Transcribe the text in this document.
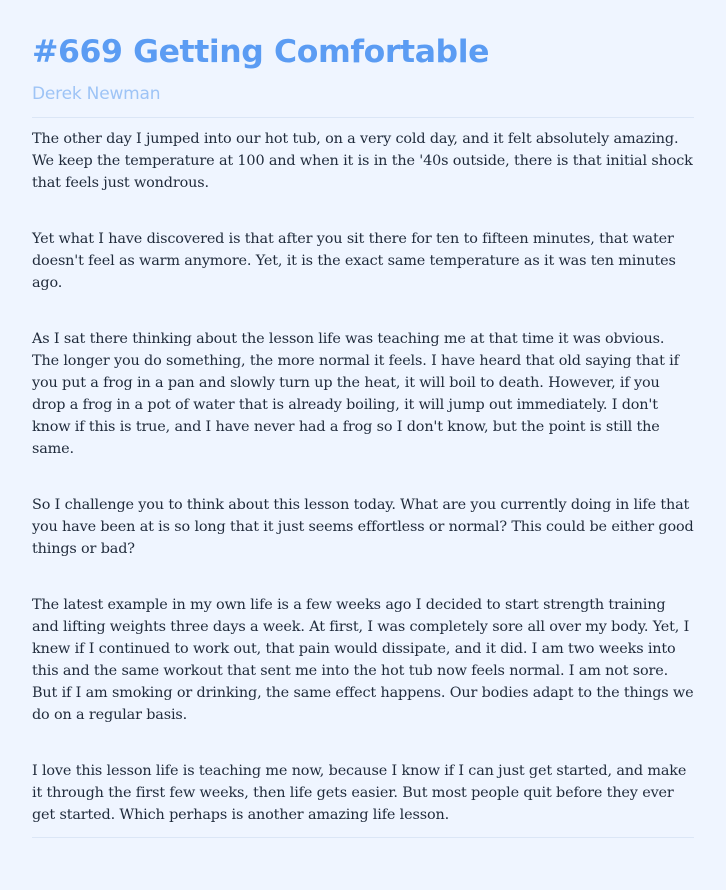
#669 Getting Comfortable
Derek Newman

The other day I jumped into our hot tub, on a very cold day, and it felt absolutely amazing. We keep the temperature at 100 and when it is in the '40s outside, there is that initial shock that feels just wondrous.

Yet what I have discovered is that after you sit there for ten to fifteen minutes, that water doesn't feel as warm anymore. Yet, it is the exact same temperature as it was ten minutes ago.

As I sat there thinking about the lesson life was teaching me at that time it was obvious. The longer you do something, the more normal it feels. I have heard that old saying that if you put a frog in a pan and slowly turn up the heat, it will boil to death. However, if you drop a frog in a pot of water that is already boiling, it will jump out immediately. I don't know if this is true, and I have never had a frog so I don't know, but the point is still the same.

So I challenge you to think about this lesson today. What are you currently doing in life that you have been at is so long that it just seems effortless or normal? This could be either good things or bad?

The latest example in my own life is a few weeks ago I decided to start strength training and lifting weights three days a week. At first, I was completely sore all over my body. Yet, I knew if I continued to work out, that pain would dissipate, and it did. I am two weeks into this and the same workout that sent me into the hot tub now feels normal. I am not sore. But if I am smoking or drinking, the same effect happens. Our bodies adapt to the things we do on a regular basis.

I love this lesson life is teaching me now, because I know if I can just get started, and make it through the first few weeks, then life gets easier. But most people quit before they ever get started. Which perhaps is another amazing life lesson.
